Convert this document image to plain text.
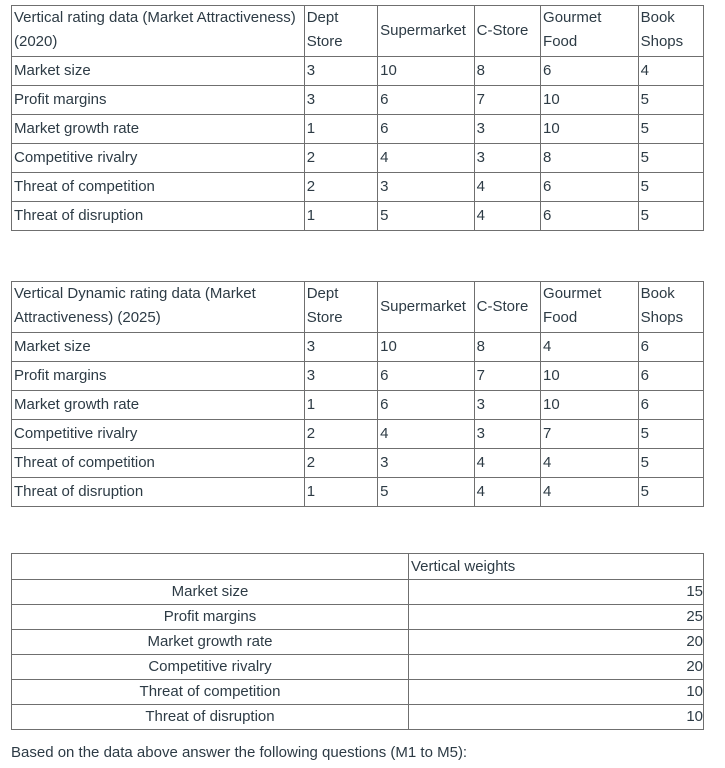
Vertical rating data (Market Attractiveness) (2020)	Dept Store	Supermarket	C-Store	Gourmet Food	Book Shops
Market size	3	10	8	6	4
Profit margins	3	6	7	10	5
Market growth rate	1	6	3	10	5
Competitive rivalry	2	4	3	8	5
Threat of competition	2	3	4	6	5
Threat of disruption	1	5	4	6	5
Vertical Dynamic rating data (Market Attractiveness) (2025)	Dept Store	Supermarket	C-Store	Gourmet Food	Book Shops
Market size	3	10	8	4	6
Profit margins	3	6	7	10	6
Market growth rate	1	6	3	10	6
Competitive rivalry	2	4	3	7	5
Threat of competition	2	3	4	4	5
Threat of disruption	1	5	4	4	5
	Vertical weights
Market size	15
Profit margins	25
Market growth rate	20
Competitive rivalry	20
Threat of competition	10
Threat of disruption	10
Based on the data above answer the following questions (M1 to M5):
